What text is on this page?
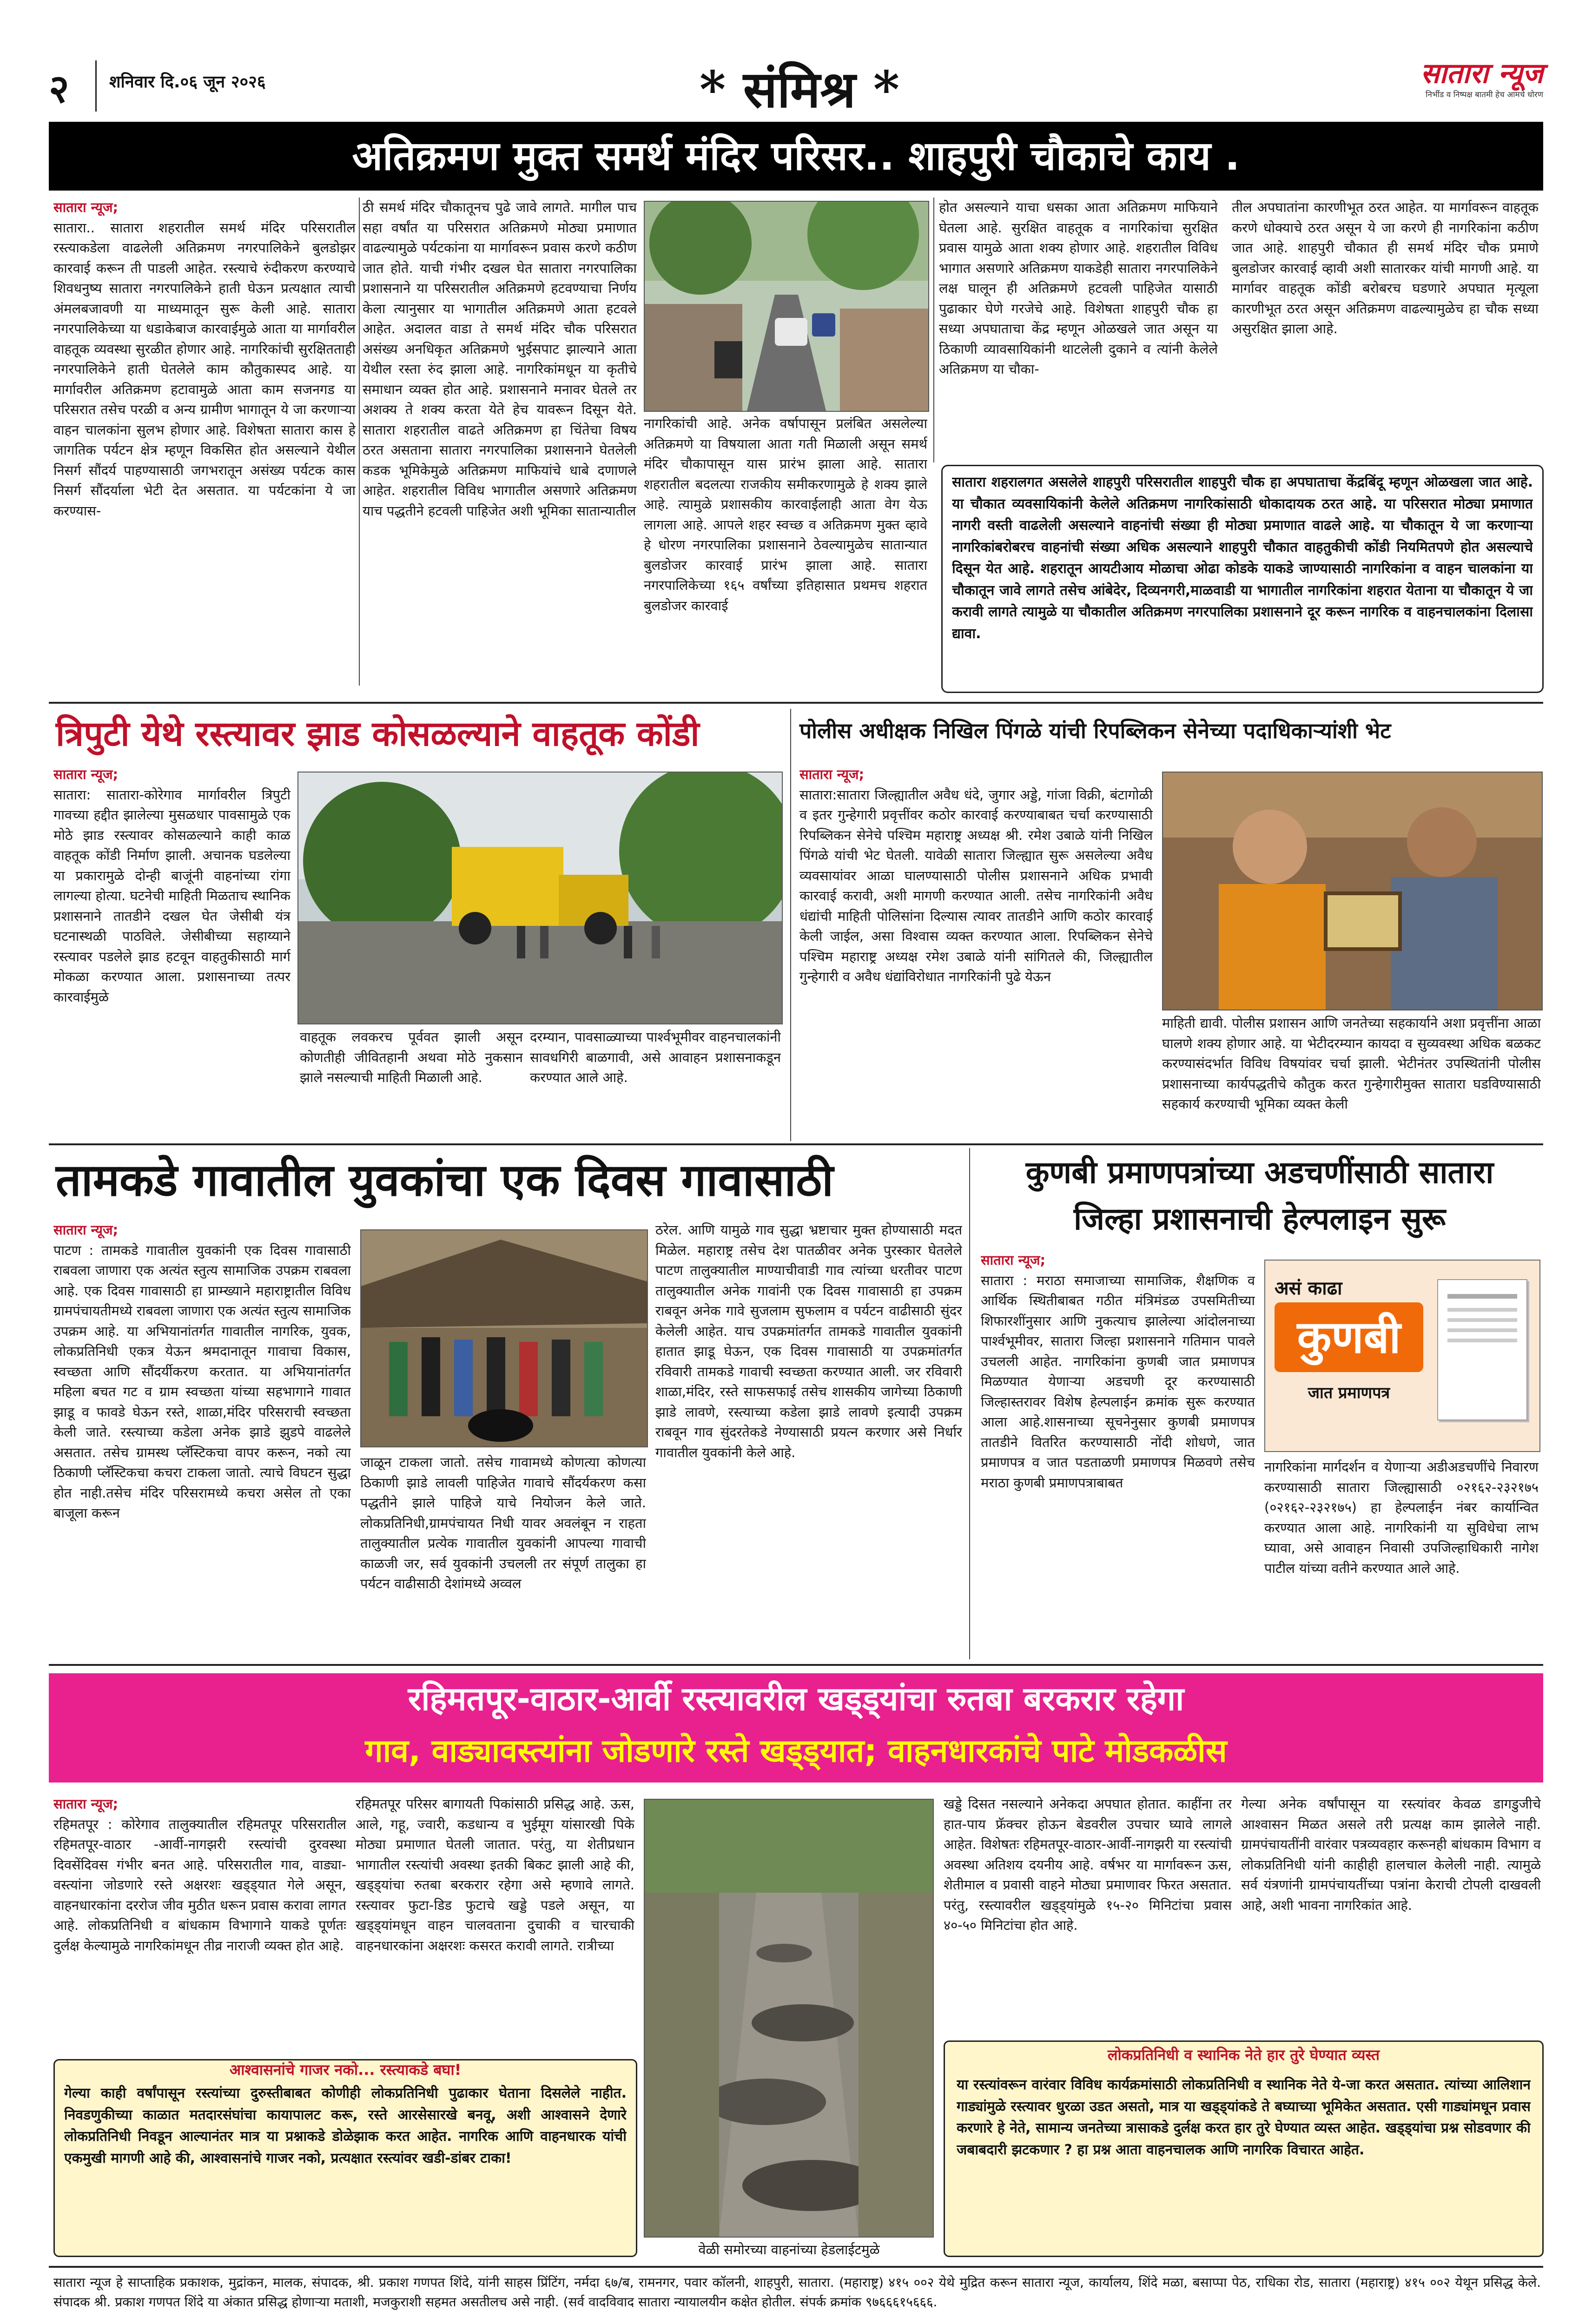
२ शनिवार दि.०६ जून २०२६	* संमिश्र *	सातारा न्यूज
निर्भीड व निष्पक्ष बातमी हेच आमचे धोरण
अतिक्रमण मुक्त समर्थ मंदिर परिसर.. शाहपुरी चौकाचे काय .

सातारा न्यूज;

सातारा.. सातारा शहरातील समर्थ मंदिर परिसरातील रस्त्याकडेला वाढलेली अतिक्रमण नगरपालिकेने बुलडोझर कारवाई करून ती पाडली आहेत. रस्त्याचे रुंदीकरण करण्याचे शिवधनुष्य सातारा नगरपालिकेने हाती घेऊन प्रत्यक्षात त्याची अंमलबजावणी या माध्यमातून सुरू केली आहे. सातारा नगरपालिकेच्या या धडाकेबाज कारवाईमुळे आता या मार्गावरील वाहतूक व्यवस्था सुरळीत होणार आहे. नागरिकांची सुरक्षितताही नगरपालिकेने हाती घेतलेले काम कौतुकास्पद आहे. या मार्गावरील अतिक्रमण हटावामुळे आता काम सजनगड या परिसरात तसेच परळी व अन्य ग्रामीण भागातून ये जा करणाऱ्या वाहन चालकांना सुलभ होणार आहे. विशेषता सातारा कास हे जागतिक पर्यटन क्षेत्र म्हणून विकसित होत असल्याने येथील निसर्ग सौंदर्य पाहण्यासाठी जगभरातून असंख्य पर्यटक कास निसर्ग सौंदर्याला भेटी देत असतात. या पर्यटकांना ये जा करण्यास-

ठी समर्थ मंदिर चौकातूनच पुढे जावे लागते. मागील पाच सहा वर्षांत या परिसरात अतिक्रमणे मोठ्या प्रमाणात वाढल्यामुळे पर्यटकांना या मार्गावरून प्रवास करणे कठीण जात होते. याची गंभीर दखल घेत सातारा नगरपालिका प्रशासनाने या परिसरातील अतिक्रमणे हटवण्याचा निर्णय केला त्यानुसार या भागातील अतिक्रमणे आता हटवले आहेत. अदालत वाडा ते समर्थ मंदिर चौक परिसरात असंख्य अनधिकृत अतिक्रमणे भुईसपाट झाल्याने आता येथील रस्ता रुंद झाला आहे. नागरिकांमधून या कृतीचे समाधान व्यक्त होत आहे. प्रशासनाने मनावर घेतले तर अशक्य ते शक्य करता येते हेच यावरून दिसून येते. सातारा शहरातील वाढते अतिक्रमण हा चिंतेचा विषय ठरत असताना सातारा नगरपालिका प्रशासनाने घेतलेली कडक भूमिकेमुळे अतिक्रमण माफियांचे धाबे दणाणले आहेत. शहरातील विविध भागातील असणारे अतिक्रमण याच पद्धतीने हटवली पाहिजेत अशी भूमिका सातान्यातील

नागरिकांची आहे. अनेक वर्षापासून प्रलंबित असलेल्या अतिक्रमणे या विषयाला आता गती मिळाली असून समर्थ मंदिर चौकापासून यास प्रारंभ झाला आहे. सातारा शहरातील बदलत्या राजकीय समीकरणामुळे हे शक्य झाले आहे. त्यामुळे प्रशासकीय कारवाईलाही आता वेग येऊ लागला आहे. आपले शहर स्वच्छ व अतिक्रमण मुक्त व्हावे हे धोरण नगरपालिका प्रशासनाने ठेवल्यामुळेच सातान्यात बुलडोजर कारवाई प्रारंभ झाला आहे. सातारा नगरपालिकेच्या १६५ वर्षांच्या इतिहासात प्रथमच शहरात बुलडोजर कारवाई

होत असल्याने याचा धसका आता अतिक्रमण माफियाने घेतला आहे. सुरक्षित वाहतूक व नागरिकांचा सुरक्षित प्रवास यामुळे आता शक्य होणार आहे. शहरातील विविध भागात असणारे अतिक्रमण याकडेही सातारा नगरपालिकेने लक्ष घालून ही अतिक्रमणे हटवली पाहिजेत यासाठी पुढाकार घेणे गरजेचे आहे. विशेषता शाहपुरी चौक हा सध्या अपघाताचा केंद्र म्हणून ओळखले जात असून या ठिकाणी व्यावसायिकांनी थाटलेली दुकाने व त्यांनी केलेले अतिक्रमण या चौका-

तील अपघातांना कारणीभूत ठरत आहेत. या मार्गावरून वाहतूक करणे धोक्याचे ठरत असून ये जा करणे ही नागरिकांना कठीण जात आहे. शाहपुरी चौकात ही समर्थ मंदिर चौक प्रमाणे बुलडोजर कारवाई व्हावी अशी सातारकर यांची मागणी आहे. या मार्गावर वाहतूक कोंडी बरोबरच घडणारे अपघात मृत्यूला कारणीभूत ठरत असून अतिक्रमण वाढल्यामुळेच हा चौक सध्या असुरक्षित झाला आहे.

सातारा शहरालगत असलेले शाहपुरी परिसरातील शाहपुरी चौक हा अपघाताचा केंद्रबिंदू म्हणून ओळखला जात आहे. या चौकात व्यवसायिकांनी केलेले अतिक्रमण नागरिकांसाठी धोकादायक ठरत आहे. या परिसरात मोठ्या प्रमाणात नागरी वस्ती वाढलेली असल्याने वाहनांची संख्या ही मोठ्या प्रमाणात वाढले आहे. या चौकातून ये जा करणाऱ्या नागरिकांबरोबरच वाहनांची संख्या अधिक असल्याने शाहपुरी चौकात वाहतुकीची कोंडी नियमितपणे होत असल्याचे दिसून येत आहे. शहरातून आयटीआय मोळाचा ओढा कोडके याकडे जाण्यासाठी नागरिकांना व वाहन चालकांना या चौकातून जावे लागते तसेच आंबेदेर, दिव्यनगरी,माळवाडी या भागातील नागरिकांना शहरात येताना या चौकातून ये जा करावी लागते त्यामुळे या चौकातील अतिक्रमण नगरपालिका प्रशासनाने दूर करून नागरिक व वाहनचालकांना दिलासा द्यावा.
त्रिपुटी येथे रस्त्यावर झाड कोसळल्याने वाहतूक कोंडी

सातारा न्यूज;

सातारा: सातारा-कोरेगाव मार्गावरील त्रिपुटी गावच्या हद्दीत झालेल्या मुसळधार पावसामुळे एक मोठे झाड रस्त्यावर कोसळल्याने काही काळ वाहतूक कोंडी निर्माण झाली. अचानक घडलेल्या या प्रकारामुळे दोन्ही बाजूंनी वाहनांच्या रांगा लागल्या होत्या. घटनेची माहिती मिळताच स्थानिक प्रशासनाने तातडीने दखल घेत जेसीबी यंत्र घटनास्थळी पाठविले. जेसीबीच्या सहाय्याने रस्त्यावर पडलेले झाड हटवून वाहतुकीसाठी मार्ग मोकळा करण्यात आला. प्रशासनाच्या तत्पर कारवाईमुळे

वाहतूक लवकरच पूर्ववत झाली असून कोणतीही जीवितहानी अथवा मोठे नुकसान झाले नसल्याची माहिती मिळाली आहे.

दरम्यान, पावसाळ्याच्या पार्श्वभूमीवर वाहनचालकांनी सावधगिरी बाळगावी, असे आवाहन प्रशासनाकडून करण्यात आले आहे.

पोलीस अधीक्षक निखिल पिंगळे यांची रिपब्लिकन सेनेच्या पदाधिकाऱ्यांशी भेट

सातारा न्यूज;

सातारा:सातारा जिल्ह्यातील अवैध धंदे, जुगार अड्डे, गांजा विक्री, बंटागोळी व इतर गुन्हेगारी प्रवृत्तींवर कठोर कारवाई करण्याबाबत चर्चा करण्यासाठी रिपब्लिकन सेनेचे पश्चिम महाराष्ट्र अध्यक्ष श्री. रमेश उबाळे यांनी निखिल पिंगळे यांची भेट घेतली. यावेळी सातारा जिल्ह्यात सुरू असलेल्या अवैध व्यवसायांवर आळा घालण्यासाठी पोलीस प्रशासनाने अधिक प्रभावी कारवाई करावी, अशी मागणी करण्यात आली. तसेच नागरिकांनी अवैध धंद्यांची माहिती पोलिसांना दिल्यास त्यावर तातडीने आणि कठोर कारवाई केली जाईल, असा विश्वास व्यक्त करण्यात आला. रिपब्लिकन सेनेचे पश्चिम महाराष्ट्र अध्यक्ष रमेश उबाळे यांनी सांगितले की, जिल्ह्यातील गुन्हेगारी व अवैध धंद्यांविरोधात नागरिकांनी पुढे येऊन

माहिती द्यावी. पोलीस प्रशासन आणि जनतेच्या सहकार्याने अशा प्रवृत्तींना आळा घालणे शक्य होणार आहे. या भेटीदरम्यान कायदा व सुव्यवस्था अधिक बळकट करण्यासंदर्भात विविध विषयांवर चर्चा झाली. भेटीनंतर उपस्थितांनी पोलीस प्रशासनाच्या कार्यपद्धतीचे कौतुक करत गुन्हेगारीमुक्त सातारा घडविण्यासाठी सहकार्य करण्याची भूमिका व्यक्त केली

तामकडे गावातील युवकांचा एक दिवस गावासाठी

सातारा न्यूज;

पाटण : तामकडे गावातील युवकांनी एक दिवस गावासाठी राबवला जाणारा एक अत्यंत स्तुत्य सामाजिक उपक्रम राबवला आहे. एक दिवस गावासाठी हा प्राम्ख्याने महाराष्ट्रातील विविध ग्रामपंचायतीमध्ये राबवला जाणारा एक अत्यंत स्तुत्य सामाजिक उपक्रम आहे. या अभियानांतर्गत गावातील नागरिक, युवक, लोकप्रतिनिधी एकत्र येऊन श्रमदानातून गावाचा विकास, स्वच्छता आणि सौंदर्यीकरण करतात. या अभियानांतर्गत महिला बचत गट व ग्राम स्वच्छता यांच्या सहभागाने गावात झाडू व फावडे घेऊन रस्ते, शाळा,मंदिर परिसराची स्वच्छता केली जाते. रस्त्याच्या कडेला अनेक झाडे झुडपे वाढलेले असतात. तसेच ग्रामस्थ प्लॅस्टिकचा वापर करून, नको त्या ठिकाणी प्लॅस्टिकचा कचरा टाकला जातो. त्याचे विघटन सुद्धा होत नाही.तसेच मंदिर परिसरामध्ये कचरा असेल तो एका बाजूला करून

जाळून टाकला जातो. तसेच गावामध्ये कोणत्या कोणत्या ठिकाणी झाडे लावली पाहिजेत गावाचे सौंदर्यकरण कसा पद्धतीने झाले पाहिजे याचे नियोजन केले जाते. लोकप्रतिनिधी,ग्रामपंचायत निधी यावर अवलंबून न राहता तालुक्यातील प्रत्येक गावातील युवकांनी आपल्या गावाची काळजी जर, सर्व युवकांनी उचलली तर संपूर्ण तालुका हा पर्यटन वाढीसाठी देशांमध्ये अव्वल

ठरेल. आणि यामुळे गाव सुद्धा भ्रष्टाचार मुक्त होण्यासाठी मदत मिळेल. महाराष्ट्र तसेच देश पातळीवर अनेक पुरस्कार घेतलेले पाटण तालुक्यातील माण्याचीवाडी गाव त्यांच्या धरतीवर पाटण तालुक्यातील अनेक गावांनी एक दिवस गावासाठी हा उपक्रम राबवून अनेक गावे सुजलाम सुफलाम व पर्यटन वाढीसाठी सुंदर केलेली आहेत. याच उपक्रमांतर्गत तामकडे गावातील युवकांनी हातात झाडू घेऊन, एक दिवस गावासाठी या उपक्रमांतर्गत रविवारी तामकडे गावाची स्वच्छता करण्यात आली. जर रविवारी शाळा,मंदिर, रस्ते साफसफाई तसेच शासकीय जागेच्या ठिकाणी झाडे लावणे, रस्त्याच्या कडेला झाडे लावणे इत्यादी उपक्रम राबवून गाव सुंदरतेकडे नेण्यासाठी प्रयत्न करणार असे निर्धार गावातील युवकांनी केले आहे.

कुणबी प्रमाणपत्रांच्या अडचणींसाठी सातारा
जिल्हा प्रशासनाची हेल्पलाइन सुरू

सातारा न्यूज;

सातारा : मराठा समाजाच्या सामाजिक, शैक्षणिक व आर्थिक स्थितीबाबत गठीत मंत्रिमंडळ उपसमितीच्या शिफारशींनुसार आणि नुकत्याच झालेल्या आंदोलनाच्या पार्श्वभूमीवर, सातारा जिल्हा प्रशासनाने गतिमान पावले उचलली आहेत. नागरिकांना कुणबी जात प्रमाणपत्र मिळण्यात येणाऱ्या अडचणी दूर करण्यासाठी जिल्हास्तरावर विशेष हेल्पलाईन क्रमांक सुरू करण्यात आला आहे.शासनाच्या सूचनेनुसार कुणबी प्रमाणपत्र तातडीने वितरित करण्यासाठी नोंदी शोधणे, जात प्रमाणपत्र व जात पडताळणी प्रमाणपत्र मिळवणे तसेच मराठा कुणबी प्रमाणपत्राबाबत

असं काढा
कुणबी
जात प्रमाणपत्र

नागरिकांना मार्गदर्शन व येणाऱ्या अडीअडचणींचे निवारण करण्यासाठी सातारा जिल्ह्यासाठी ०२१६२-२३२१७५ (०२१६२-२३२१७५) हा हेल्पलाईन नंबर कार्यान्वित करण्यात आला आहे. नागरिकांनी या सुविधेचा लाभ घ्यावा, असे आवाहन निवासी उपजिल्हाधिकारी नागेश पाटील यांच्या वतीने करण्यात आले आहे.

रहिमतपूर-वाठार-आर्वी रस्त्यावरील खड्ड्यांचा रुतबा बरकरार रहेगा
गाव, वाड्यावस्त्यांना जोडणारे रस्ते खड्ड्यात; वाहनधारकांचे पाटे मोडकळीस

सातारा न्यूज;

रहिमतपूर : कोरेगाव तालुक्यातील रहिमतपूर परिसरातील रहिमतपूर-वाठार -आर्वी-नागझरी रस्त्यांची दुरवस्था दिवसेंदिवस गंभीर बनत आहे. परिसरातील गाव, वाड्या-वस्त्यांना जोडणारे रस्ते अक्षरशः खड्ड्यात गेले असून, वाहनधारकांना दररोज जीव मुठीत धरून प्रवास करावा लागत आहे. लोकप्रतिनिधी व बांधकाम विभागाने याकडे पूर्णतः दुर्लक्ष केल्यामुळे नागरिकांमधून तीव्र नाराजी व्यक्त होत आहे.

रहिमतपूर परिसर बागायती पिकांसाठी प्रसिद्ध आहे. ऊस, आले, गहू, ज्वारी, कडधान्य व भुईमूग यांसारखी पिके मोठ्या प्रमाणात घेतली जातात. परंतु, या शेतीप्रधान भागातील रस्त्यांची अवस्था इतकी बिकट झाली आहे की, खड्ड्यांचा रुतबा बरकरार रहेगा असे म्हणावे लागते. रस्त्यावर फुटा-डिड फुटाचे खड्डे पडले असून, या खड्ड्यांमधून वाहन चालवताना दुचाकी व चारचाकी वाहनधारकांना अक्षरशः कसरत करावी लागते. रात्रीच्या

वेळी समोरच्या वाहनांच्या हेडलाईटमुळे

खड्डे दिसत नसल्याने अनेकदा अपघात होतात. काहींना तर हात-पाय फ्रॅक्चर होऊन बेडवरील उपचार घ्यावे लागले आहेत. विशेषतः रहिमतपूर-वाठार-आर्वी-नागझरी या रस्त्यांची अवस्था अतिशय दयनीय आहे. वर्षभर या मार्गावरून ऊस, शेतीमाल व प्रवासी वाहने मोठ्या प्रमाणावर फिरत असतात. परंतु, रस्त्यावरील खड्ड्यांमुळे १५-२० मिनिटांचा प्रवास ४०-५० मिनिटांचा होत आहे.

गेल्या अनेक वर्षांपासून या रस्त्यांवर केवळ डागडुजीचे आश्वासन मिळत असले तरी प्रत्यक्ष काम झालेले नाही. ग्रामपंचायतींनी वारंवार पत्रव्यवहार करूनही बांधकाम विभाग व लोकप्रतिनिधी यांनी काहीही हालचाल केलेली नाही. त्यामुळे सर्व यंत्रणांनी ग्रामपंचायतींच्या पत्रांना केराची टोपली दाखवली आहे, अशी भावना नागरिकांत आहे.

आश्वासनांचे गाजर नको... रस्त्याकडे बघा!
गेल्या काही वर्षांपासून रस्त्यांच्या दुरुस्तीबाबत कोणीही लोकप्रतिनिधी पुढाकार घेताना दिसलेले नाहीत. निवडणुकीच्या काळात मतदारसंघांचा कायापालट करू, रस्ते आरसेसारखे बनवू, अशी आश्वासने देणारे लोकप्रतिनिधी निवडून आल्यानंतर मात्र या प्रश्नाकडे डोळेझाक करत आहेत. नागरिक आणि वाहनधारक यांची एकमुखी मागणी आहे की, आश्वासनांचे गाजर नको, प्रत्यक्षात रस्त्यांवर खडी-डांबर टाका!
लोकप्रतिनिधी व स्थानिक नेते हार तुरे घेण्यात व्यस्त
या रस्त्यांवरून वारंवार विविध कार्यक्रमांसाठी लोकप्रतिनिधी व स्थानिक नेते ये-जा करत असतात. त्यांच्या आलिशान गाड्यांमुळे रस्त्यावर धुरळा उडत असतो, मात्र या खड्ड्यांकडे ते बघ्याच्या भूमिकेत असतात. एसी गाड्यांमधून प्रवास करणारे हे नेते, सामान्य जनतेच्या त्रासाकडे दुर्लक्ष करत हार तुरे घेण्यात व्यस्त आहेत. खड्ड्यांचा प्रश्न सोडवणार की जबाबदारी झटकणार ? हा प्रश्न आता वाहनचालक आणि नागरिक विचारत आहेत.
सातारा न्यूज हे साप्ताहिक प्रकाशक, मुद्रांकन, मालक, संपादक, श्री. प्रकाश गणपत शिंदे, यांनी साहस प्रिंटिंग, नर्मदा ६७/ब, रामनगर, पवार कॉलनी, शाहपुरी, सातारा. (महाराष्ट्र) ४१५ ००२ येथे मुद्रित करून सातारा न्यूज, कार्यालय, शिंदे मळा, बसाप्पा पेठ, राधिका रोड, सातारा (महाराष्ट्र) ४१५ ००२ येथून प्रसिद्ध केले. संपादक श्री. प्रकाश गणपत शिंदे या अंकात प्रसिद्ध होणाऱ्या मताशी, मजकुराशी सहमत असतीलच असे नाही. (सर्व वादविवाद सातारा न्यायालयीन कक्षेत होतील. संपर्क क्रमांक ९७६६६१५६६६.
